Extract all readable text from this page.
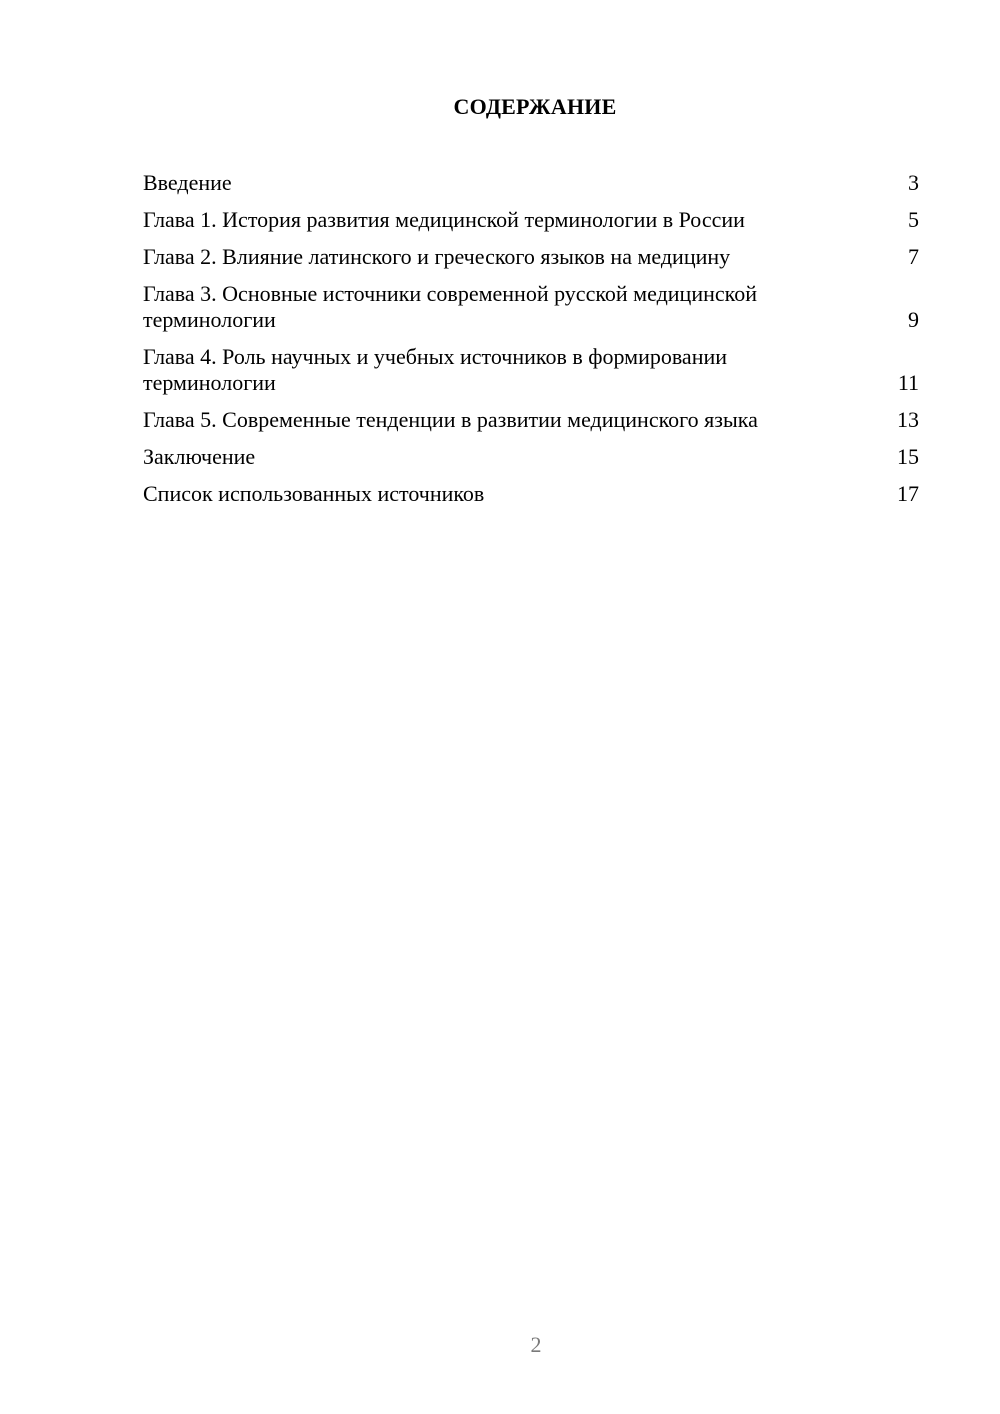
СОДЕРЖАНИЕ
Введение	3
Глава 1. История развития медицинской терминологии в России	5
Глава 2. Влияние латинского и греческого языков на медицину	7
Глава 3. Основные источники современной русской медицинской терминологии	9
Глава 4. Роль научных и учебных источников в формировании терминологии	11
Глава 5. Современные тенденции в развитии медицинского языка	13
Заключение	15
Список использованных источников	17
2
